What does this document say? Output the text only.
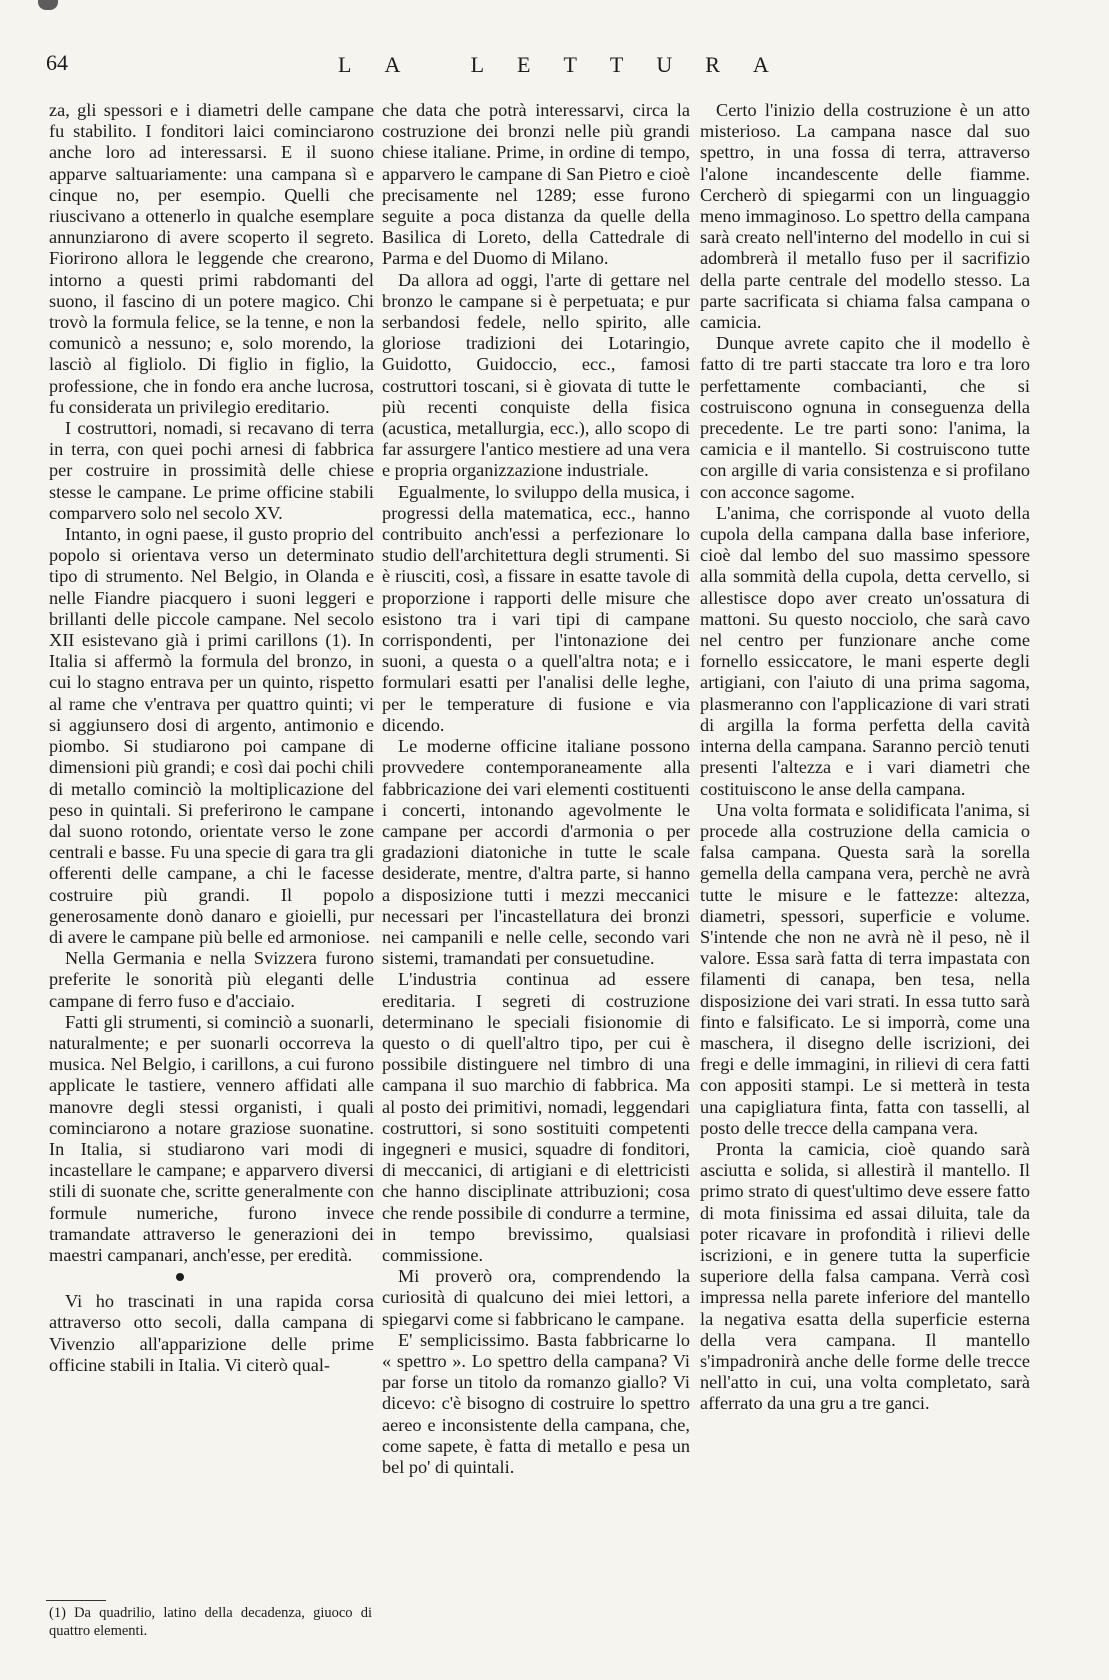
64	LA LETTURA

za, gli spessori e i diametri delle campane fu stabilito. I fonditori laici cominciarono anche loro ad interessarsi. E il suono apparve saltuariamente: una campana sì e cinque no, per esempio. Quelli che riuscivano a ottenerlo in qualche esemplare annunziarono di avere scoperto il segreto. Fiorirono allora le leggende che crearono, intorno a questi primi rabdomanti del suono, il fascino di un potere magico. Chi trovò la formula felice, se la tenne, e non la comunicò a nessuno; e, solo morendo, la lasciò al figliolo. Di figlio in figlio, la professione, che in fondo era anche lucrosa, fu considerata un privilegio ereditario.

I costruttori, nomadi, si recavano di terra in terra, con quei pochi arnesi di fabbrica per costruire in prossimità delle chiese stesse le campane. Le prime officine stabili comparvero solo nel secolo XV.

Intanto, in ogni paese, il gusto proprio del popolo si orientava verso un determinato tipo di strumento. Nel Belgio, in Olanda e nelle Fiandre piacquero i suoni leggeri e brillanti delle piccole campane. Nel secolo XII esistevano già i primi carillons (1). In Italia si affermò la formula del bronzo, in cui lo stagno entrava per un quinto, rispetto al rame che v'entrava per quattro quinti; vi si aggiunsero dosi di argento, antimonio e piombo. Si studiarono poi campane di dimensioni più grandi; e così dai pochi chili di metallo cominciò la moltiplicazione del peso in quintali. Si preferirono le campane dal suono rotondo, orientate verso le zone centrali e basse. Fu una specie di gara tra gli offerenti delle campane, a chi le facesse costruire più grandi. Il popolo generosamente donò danaro e gioielli, pur di avere le campane più belle ed armoniose.

Nella Germania e nella Svizzera furono preferite le sonorità più eleganti delle campane di ferro fuso e d'acciaio.

Fatti gli strumenti, si cominciò a suonarli, naturalmente; e per suonarli occorreva la musica. Nel Belgio, i carillons, a cui furono applicate le tastiere, vennero affidati alle manovre degli stessi organisti, i quali cominciarono a notare graziose suonatine. In Italia, si studiarono vari modi di incastellare le campane; e apparvero diversi stili di suonate che, scritte generalmente con formule numeriche, furono invece tramandate attraverso le generazioni dei maestri campanari, anch'esse, per eredità.

Vi ho trascinati in una rapida corsa attraverso otto secoli, dalla campana di Vivenzio all'apparizione delle prime officine stabili in Italia. Vi citerò qual-

che data che potrà interessarvi, circa la costruzione dei bronzi nelle più grandi chiese italiane. Prime, in ordine di tempo, apparvero le campane di San Pietro e cioè precisamente nel 1289; esse furono seguite a poca distanza da quelle della Basilica di Loreto, della Cattedrale di Parma e del Duomo di Milano.

Da allora ad oggi, l'arte di gettare nel bronzo le campane si è perpetuata; e pur serbandosi fedele, nello spirito, alle gloriose tradizioni dei Lotaringio, Guidotto, Guidoccio, ecc., famosi costruttori toscani, si è giovata di tutte le più recenti conquiste della fisica (acustica, metallurgia, ecc.), allo scopo di far assurgere l'antico mestiere ad una vera e propria organizzazione industriale.

Egualmente, lo sviluppo della musica, i progressi della matematica, ecc., hanno contribuito anch'essi a perfezionare lo studio dell'architettura degli strumenti. Si è riusciti, così, a fissare in esatte tavole di proporzione i rapporti delle misure che esistono tra i vari tipi di campane corrispondenti, per l'intonazione dei suoni, a questa o a quell'altra nota; e i formulari esatti per l'analisi delle leghe, per le temperature di fusione e via dicendo.

Le moderne officine italiane possono provvedere contemporaneamente alla fabbricazione dei vari elementi costituenti i concerti, intonando agevolmente le campane per accordi d'armonia o per gradazioni diatoniche in tutte le scale desiderate, mentre, d'altra parte, si hanno a disposizione tutti i mezzi meccanici necessari per l'incastellatura dei bronzi nei campanili e nelle celle, secondo vari sistemi, tramandati per consuetudine.

L'industria continua ad essere ereditaria. I segreti di costruzione determinano le speciali fisionomie di questo o di quell'altro tipo, per cui è possibile distinguere nel timbro di una campana il suo marchio di fabbrica. Ma al posto dei primitivi, nomadi, leggendari costruttori, si sono sostituiti competenti ingegneri e musici, squadre di fonditori, di meccanici, di artigiani e di elettricisti che hanno disciplinate attribuzioni; cosa che rende possibile di condurre a termine, in tempo brevissimo, qualsiasi commissione.

Mi proverò ora, comprendendo la curiosità di qualcuno dei miei lettori, a spiegarvi come si fabbricano le campane.

E' semplicissimo. Basta fabbricarne lo « spettro ». Lo spettro della campana? Vi par forse un titolo da romanzo giallo? Vi dicevo: c'è bisogno di costruire lo spettro aereo e inconsistente della campana, che, come sapete, è fatta di metallo e pesa un bel po' di quintali.

Certo l'inizio della costruzione è un atto misterioso. La campana nasce dal suo spettro, in una fossa di terra, attraverso l'alone incandescente delle fiamme. Cercherò di spiegarmi con un linguaggio meno immaginoso. Lo spettro della campana sarà creato nell'interno del modello in cui si adombrerà il metallo fuso per il sacrifizio della parte centrale del modello stesso. La parte sacrificata si chiama falsa campana o camicia.

Dunque avrete capito che il modello è fatto di tre parti staccate tra loro e tra loro perfettamente combacianti, che si costruiscono ognuna in conseguenza della precedente. Le tre parti sono: l'anima, la camicia e il mantello. Si costruiscono tutte con argille di varia consistenza e si profilano con acconce sagome.

L'anima, che corrisponde al vuoto della cupola della campana dalla base inferiore, cioè dal lembo del suo massimo spessore alla sommità della cupola, detta cervello, si allestisce dopo aver creato un'ossatura di mattoni. Su questo nocciolo, che sarà cavo nel centro per funzionare anche come fornello essiccatore, le mani esperte degli artigiani, con l'aiuto di una prima sagoma, plasmeranno con l'applicazione di vari strati di argilla la forma perfetta della cavità interna della campana. Saranno perciò tenuti presenti l'altezza e i vari diametri che costituiscono le anse della campana.

Una volta formata e solidificata l'anima, si procede alla costruzione della camicia o falsa campana. Questa sarà la sorella gemella della campana vera, perchè ne avrà tutte le misure e le fattezze: altezza, diametri, spessori, superficie e volume. S'intende che non ne avrà nè il peso, nè il valore. Essa sarà fatta di terra impastata con filamenti di canapa, ben tesa, nella disposizione dei vari strati. In essa tutto sarà finto e falsificato. Le si imporrà, come una maschera, il disegno delle iscrizioni, dei fregi e delle immagini, in rilievi di cera fatti con appositi stampi. Le si metterà in testa una capigliatura finta, fatta con tasselli, al posto delle trecce della campana vera.

Pronta la camicia, cioè quando sarà asciutta e solida, si allestirà il mantello. Il primo strato di quest'ultimo deve essere fatto di mota finissima ed assai diluita, tale da poter ricavare in profondità i rilievi delle iscrizioni, e in genere tutta la superficie superiore della falsa campana. Verrà così impressa nella parete inferiore del mantello la negativa esatta della superficie esterna della vera campana. Il mantello s'impadronirà anche delle forme delle trecce nell'atto in cui, una volta completato, sarà afferrato da una gru a tre ganci.

(1) Da quadrilio, latino della decadenza, giuoco di quattro elementi.
